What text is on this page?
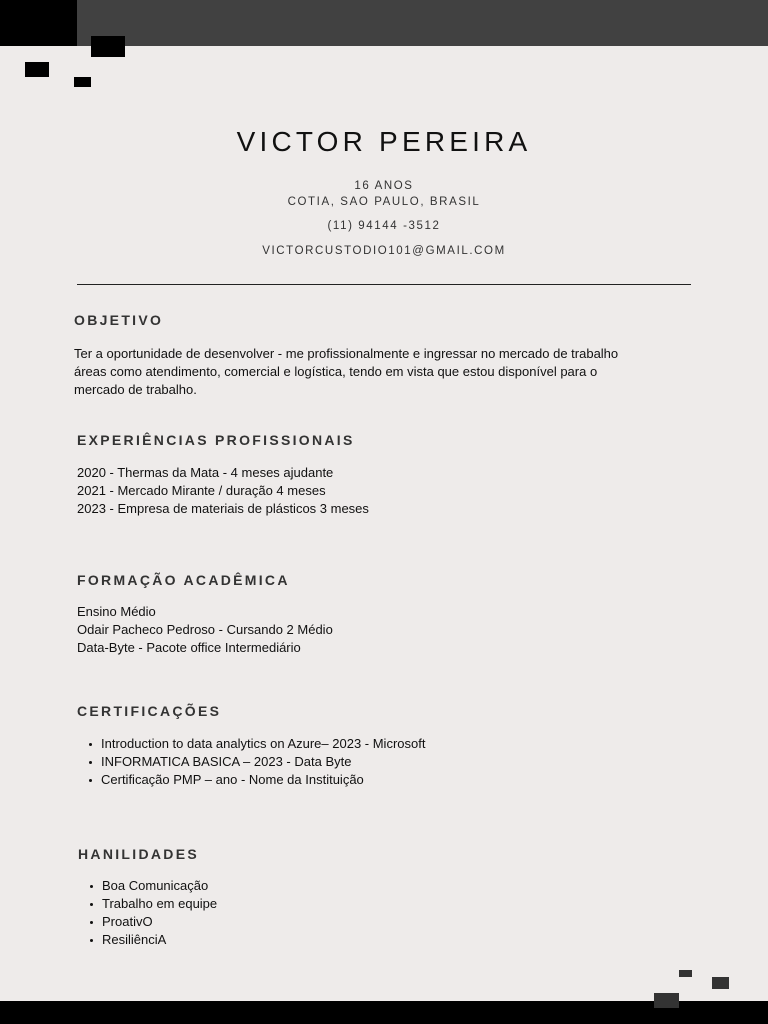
VICTOR PEREIRA
16 ANOS
COTIA, SAO PAULO, BRASIL
(11) 94144 -3512
VICTORCUSTODIO101@GMAIL.COM
OBJETIVO
Ter a oportunidade de desenvolver - me profissionalmente e ingressar no mercado de trabalho
áreas como atendimento, comercial e logística, tendo em vista que estou disponível para o
mercado de trabalho.
EXPERIÊNCIAS PROFISSIONAIS
2020 - Thermas da Mata - 4 meses ajudante
2021 - Mercado Mirante / duração 4 meses
2023 - Empresa de materiais de plásticos 3 meses
FORMAÇÃO ACADÊMICA
Ensino Médio
Odair Pacheco Pedroso - Cursando 2 Médio
Data-Byte - Pacote office Intermediário
CERTIFICAÇÕES
Introduction to data analytics on Azure– 2023 - Microsoft
INFORMATICA BASICA – 2023 - Data Byte
Certificação PMP – ano - Nome da Instituição
HANILIDADES
Boa Comunicação
Trabalho em equipe
ProativO
ResiliênciA
